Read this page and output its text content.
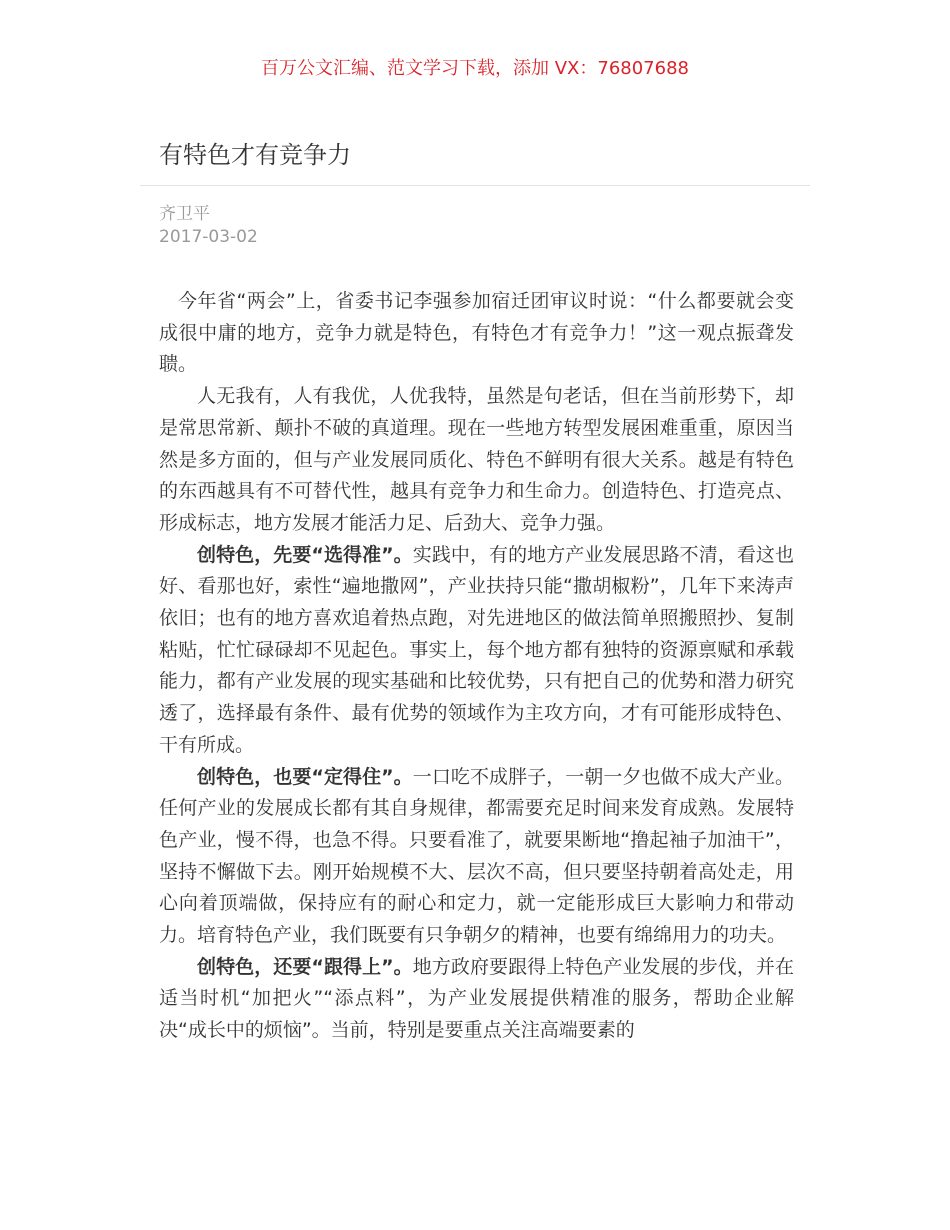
百万公文汇编、范文学习下载，添加 VX：76807688
有特色才有竞争力
齐卫平
2017-03-02

今年省“两会”上，省委书记李强参加宿迁团审议时说：“什么都要就会变成很中庸的地方，竞争力就是特色，有特色才有竞争力！”这一观点振聋发聩。

人无我有，人有我优，人优我特，虽然是句老话，但在当前形势下，却是常思常新、颠扑不破的真道理。现在一些地方转型发展困难重重，原因当然是多方面的，但与产业发展同质化、特色不鲜明有很大关系。越是有特色的东西越具有不可替代性，越具有竞争力和生命力。创造特色、打造亮点、形成标志，地方发展才能活力足、后劲大、竞争力强。

创特色，先要“选得准”。实践中，有的地方产业发展思路不清，看这也好、看那也好，索性“遍地撒网”，产业扶持只能“撒胡椒粉”，几年下来涛声依旧；也有的地方喜欢追着热点跑，对先进地区的做法简单照搬照抄、复制粘贴，忙忙碌碌却不见起色。事实上，每个地方都有独特的资源禀赋和承载能力，都有产业发展的现实基础和比较优势，只有把自己的优势和潜力研究透了，选择最有条件、最有优势的领域作为主攻方向，才有可能形成特色、干有所成。

创特色，也要“定得住”。一口吃不成胖子，一朝一夕也做不成大产业。任何产业的发展成长都有其自身规律，都需要充足时间来发育成熟。发展特色产业，慢不得，也急不得。只要看准了，就要果断地“撸起袖子加油干”，坚持不懈做下去。刚开始规模不大、层次不高，但只要坚持朝着高处走，用心向着顶端做，保持应有的耐心和定力，就一定能形成巨大影响力和带动力。培育特色产业，我们既要有只争朝夕的精神，也要有绵绵用力的功夫。

创特色，还要“跟得上”。地方政府要跟得上特色产业发展的步伐，并在适当时机“加把火”“添点料”，为产业发展提供精准的服务，帮助企业解决“成长中的烦恼”。当前，特别是要重点关注高端要素的
